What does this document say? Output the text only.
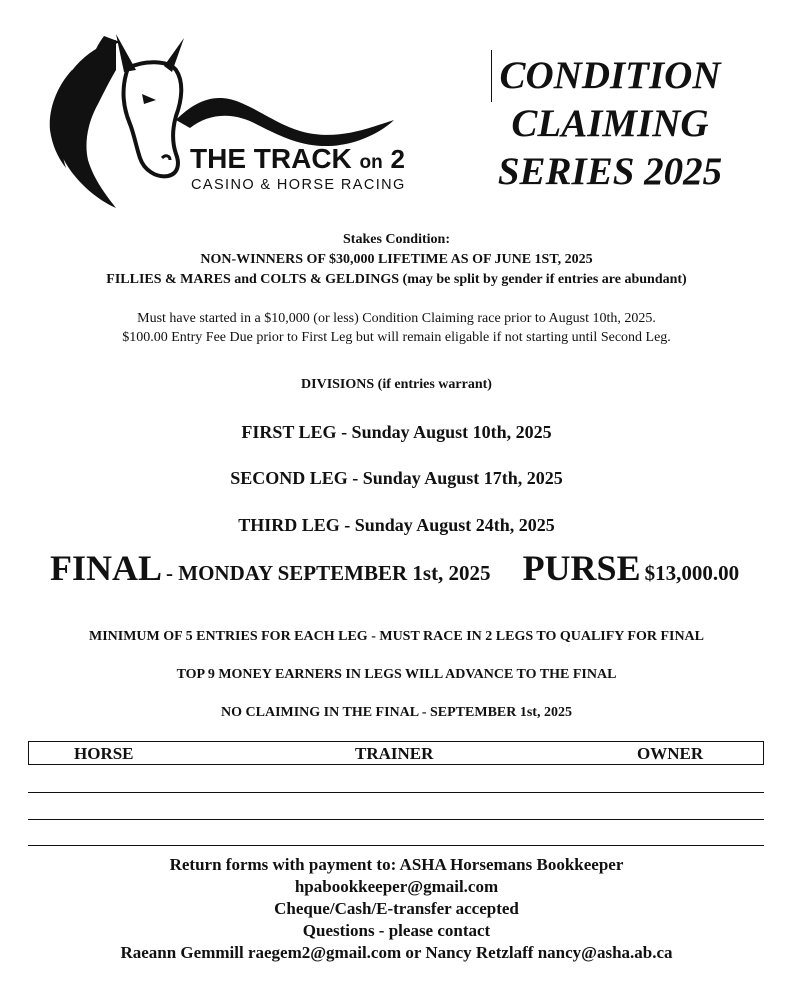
THE TRACK on 2
CASINO & HORSE RACING
CONDITION
CLAIMING
SERIES 2025
Stakes Condition:
NON-WINNERS OF $30,000 LIFETIME AS OF JUNE 1ST, 2025
FILLIES & MARES and COLTS & GELDINGS (may be split by gender if entries are abundant)
Must have started in a $10,000 (or less) Condition Claiming race prior to August 10th, 2025.
$100.00 Entry Fee Due prior to First Leg but will remain eligable if not starting until Second Leg.
DIVISIONS (if entries warrant)
FIRST LEG - Sunday August 10th, 2025
SECOND LEG - Sunday August 17th, 2025
THIRD LEG - Sunday August 24th, 2025
FINAL - MONDAY SEPTEMBER 1st, 2025 PURSE $13,000.00
MINIMUM OF 5 ENTRIES FOR EACH LEG - MUST RACE IN 2 LEGS TO QUALIFY FOR FINAL
TOP 9 MONEY EARNERS IN LEGS WILL ADVANCE TO THE FINAL
NO CLAIMING IN THE FINAL - SEPTEMBER 1st, 2025
HORSE	TRAINER	OWNER
Return forms with payment to: ASHA Horsemans Bookkeeper
hpabookkeeper@gmail.com
Cheque/Cash/E-transfer accepted
Questions - please contact
Raeann Gemmill raegem2@gmail.com or Nancy Retzlaff nancy@asha.ab.ca
